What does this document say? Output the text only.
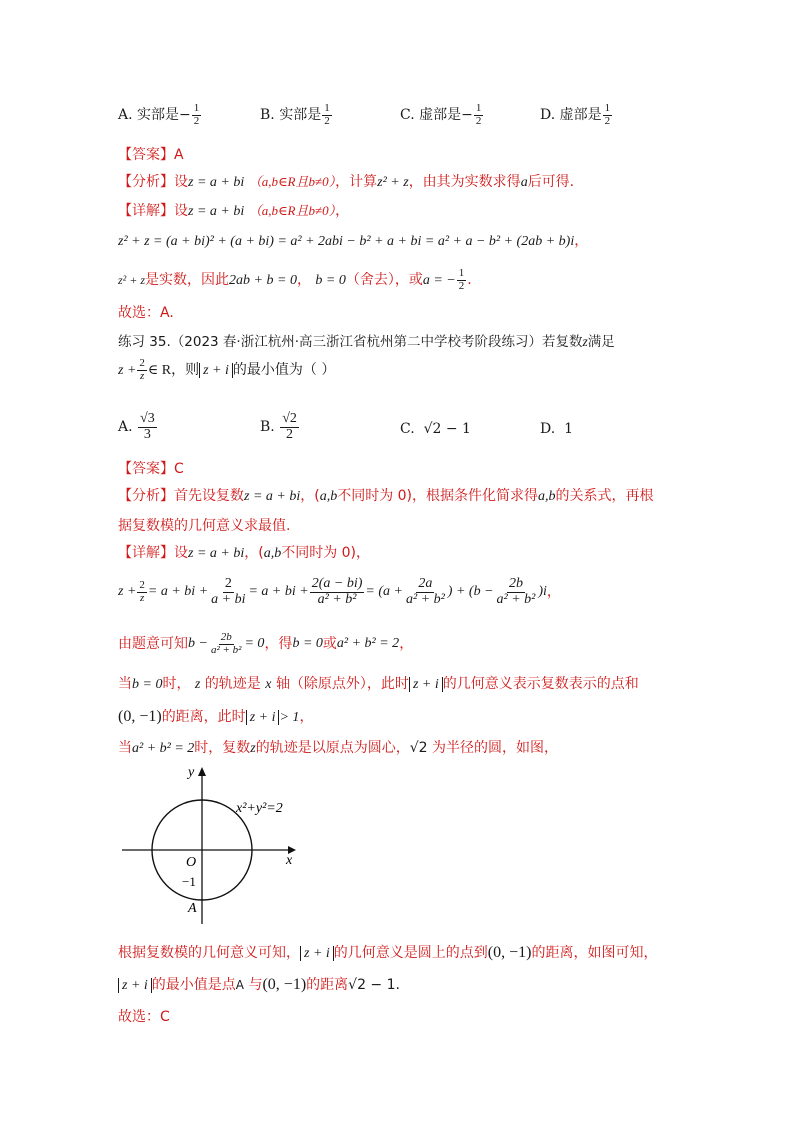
A. 实部是− $\frac{1}{2}$	B. 实部是 $\frac{1}{2}$	C. 虚部是− $\frac{1}{2}$	D. 虚部是 $\frac{1}{2}$
【答案】A
【分析】设z = a + bi （a,b∈R且b≠0），计算z² + z，由其为实数求得a后可得.
【详解】设z = a + bi （a,b∈R且b≠0），
z² + z = (a + bi)² + (a + bi) = a² + 2abi − b² + a + bi = a² + a − b² + (2ab + b)i，
z² + z是实数，因此2ab + b = 0， b = 0（舍去），或a = − $\frac{1}{2}$ .
故选：A.
练习 35.（2023 春·浙江杭州·高三浙江省杭州第二中学校考阶段练习）若复数z满足
$z + \frac{2}{z}$ ∈ R，则 z + i 的最小值为（ ）
A. $\frac{√3}{3}$	B. $\frac{√2}{2}$	C. √2 − 1	D. 1
【答案】C
【分析】首先设复数z = a + bi，(a,b不同时为 0)，根据条件化简求得a,b的关系式，再根
据复数模的几何意义求最值.
【详解】设z = a + bi，(a,b不同时为 0)，
$z + \frac{2}{z} = a$ + bi + $\frac{2}{a + bi} = a$ + bi + $\frac{2(a - bi)}{\text{a² + b²}} = (a + \frac{2a}{\text{a² + b²}}$ ) + $(b - \frac{2b}{\text{a² + b²}} )i$ ，
由题意可知 $b - \frac{2b}{\text{a² + b²}} = 0$ ，得 b = 0 或 a² + b² = 2 ，
当b = 0时， z 的轨迹是 x 轴（除原点外），此时 z + i 的几何意义表示复数表示的点和
(0, −1)的距离，此时 z + i > 1，
当a² + b² = 2时，复数z的轨迹是以原点为圆心，√2 为半径的圆，如图，
y
x
x²+y²=2
O
−1
A
根据复数模的几何意义可知， z + i 的几何意义是圆上的点到(0, −1)的距离，如图可知，
z + i 的最小值是点A 与(0, −1)的距离√2 − 1.
故选：C
